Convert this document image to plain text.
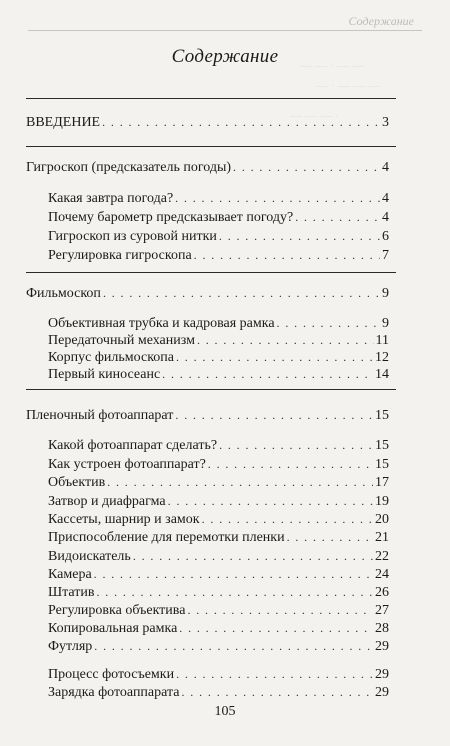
— — · — —
— · — — —
— — — ·
Содержание
Содержание
ВВЕДЕНИЕ . . .	3
Гигроскоп (предсказатель погоды) . . .	4
Какая завтра погода? . . .	4
Почему барометр предсказывает погоду? . . .	4
Гигроскоп из суровой нитки . . .	6
Регулировка гигроскопа . . .	7
Фильмоскоп . . .	9
Объективная трубка и кадровая рамка . . .	9
Передаточный механизм . . .	11
Корпус фильмоскопа . . .	12
Первый киносеанс . . .	14
Пленочный фотоаппарат . . .	15
Какой фотоаппарат сделать? . . .	15
Как устроен фотоаппарат? . . .	15
Объектив . . .	17
Затвор и диафрагма . . .	19
Кассеты, шарнир и замок . . .	20
Приспособление для перемотки пленки . . .	21
Видоискатель . . .	22
Камера . . .	24
Штатив . . .	26
Регулировка объектива . . .	27
Копировальная рамка . . .	28
Футляр . . .	29
Процесс фотосъемки . . .	29
Зарядка фотоаппарата . . .	29
105
